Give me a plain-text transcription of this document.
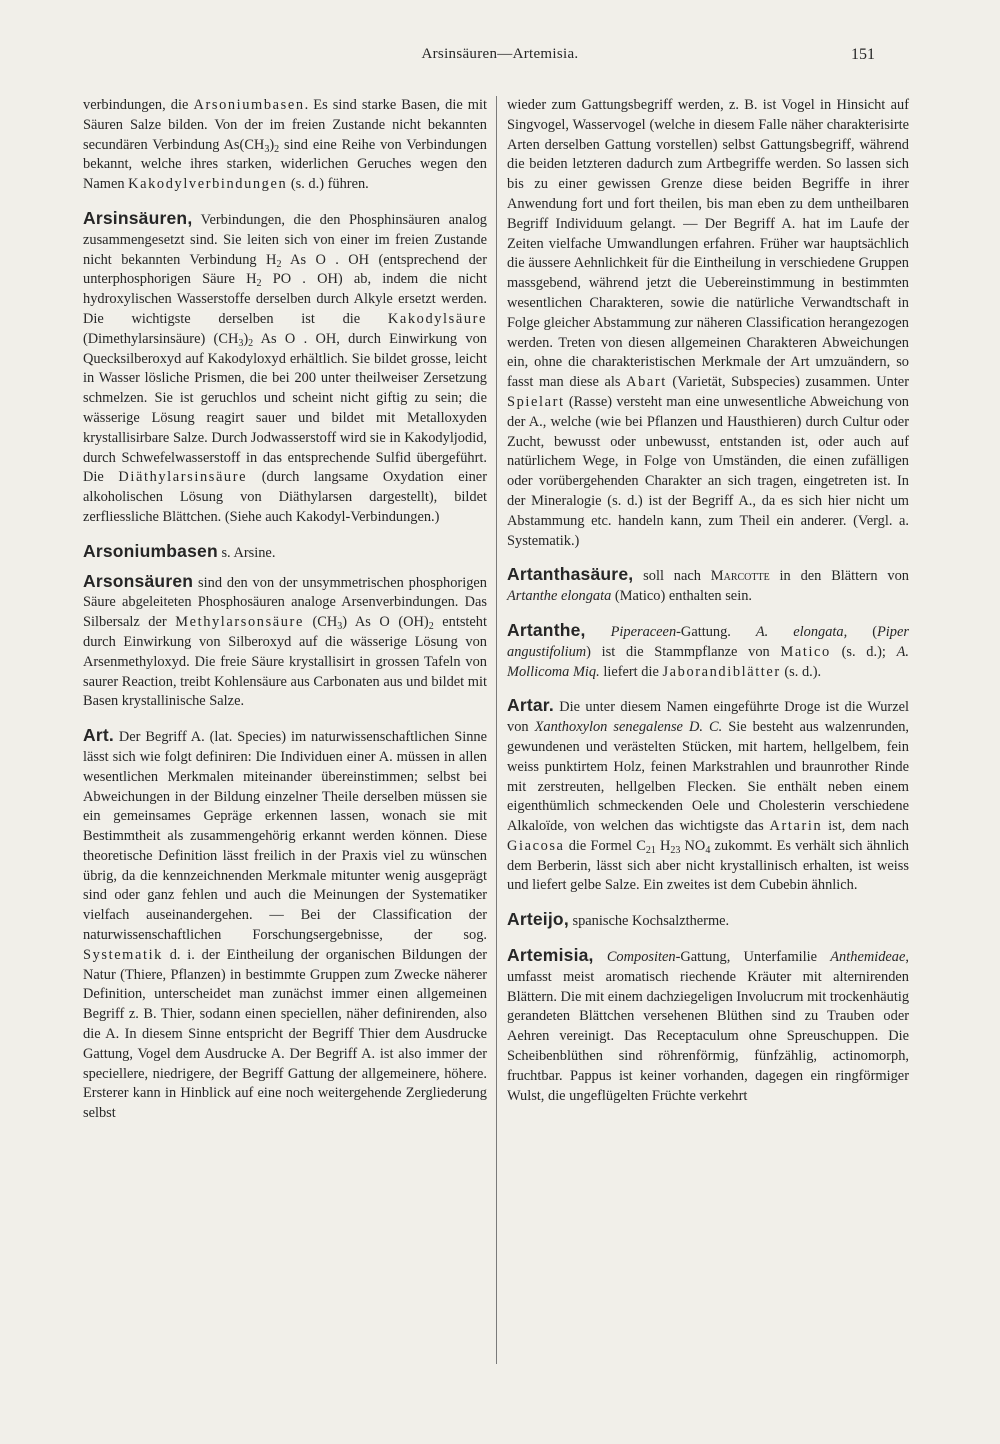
Arsinsäuren—Artemisia.	151

verbindungen, die Arsoniumbasen. Es sind starke Basen, die mit Säuren Salze bilden. Von der im freien Zustande nicht bekannten secundären Verbindung $As(CH_3)_2$ sind eine Reihe von Verbindungen bekannt, welche ihres starken, widerlichen Geruches wegen den Namen Kakodylverbindungen (s. d.) führen.

Arsinsäuren, Verbindungen, die den Phosphinsäuren analog zusammengesetzt sind. Sie leiten sich von einer im freien Zustande nicht bekannten Verbindung $H_2$ As O . OH (entsprechend der unterphosphorigen Säure $H_2$ PO . OH) ab, indem die nicht hydroxylischen Wasserstoffe derselben durch Alkyle ersetzt werden. Die wichtigste derselben ist die Kakodylsäure (Dimethylarsinsäure) $(CH_3)_2$ As O . OH, durch Einwirkung von Quecksilberoxyd auf Kakodyloxyd erhältlich. Sie bildet grosse, leicht in Wasser lösliche Prismen, die bei 200 unter theilweiser Zersetzung schmelzen. Sie ist geruchlos und scheint nicht giftig zu sein; die wässerige Lösung reagirt sauer und bildet mit Metalloxyden krystallisirbare Salze. Durch Jodwasserstoff wird sie in Kakodyljodid, durch Schwefelwasserstoff in das entsprechende Sulfid übergeführt. Die Diäthylarsinsäure (durch langsame Oxydation einer alkoholischen Lösung von Diäthylarsen dargestellt), bildet zerfliessliche Blättchen. (Siehe auch Kakodyl-Verbindungen.)

Arsoniumbasen s. Arsine.

Arsonsäuren sind den von der unsymmetrischen phosphorigen Säure abgeleiteten Phosphosäuren analoge Arsenverbindungen. Das Silbersalz der Methylarsonsäure $(CH_3)$ As O $(OH)_2$ entsteht durch Einwirkung von Silberoxyd auf die wässerige Lösung von Arsenmethyloxyd. Die freie Säure krystallisirt in grossen Tafeln von saurer Reaction, treibt Kohlensäure aus Carbonaten aus und bildet mit Basen krystallinische Salze.

Art. Der Begriff A. (lat. Species) im naturwissenschaftlichen Sinne lässt sich wie folgt definiren: Die Individuen einer A. müssen in allen wesentlichen Merkmalen miteinander übereinstimmen; selbst bei Abweichungen in der Bildung einzelner Theile derselben müssen sie ein gemeinsames Gepräge erkennen lassen, wonach sie mit Bestimmtheit als zusammengehörig erkannt werden können. Diese theoretische Definition lässt freilich in der Praxis viel zu wünschen übrig, da die kennzeichnenden Merkmale mitunter wenig ausgeprägt sind oder ganz fehlen und auch die Meinungen der Systematiker vielfach auseinandergehen. — Bei der Classification der naturwissenschaftlichen Forschungsergebnisse, der sog. Systematik d. i. der Eintheilung der organischen Bildungen der Natur (Thiere, Pflanzen) in bestimmte Gruppen zum Zwecke näherer Definition, unterscheidet man zunächst immer einen allgemeinen Begriff z. B. Thier, sodann einen speciellen, näher definirenden, also die A. In diesem Sinne entspricht der Begriff Thier dem Ausdrucke Gattung, Vogel dem Ausdrucke A. Der Begriff A. ist also immer der speciellere, niedrigere, der Begriff Gattung der allgemeinere, höhere. Ersterer kann in Hinblick auf eine noch weitergehende Zergliederung selbst

wieder zum Gattungsbegriff werden, z. B. ist Vogel in Hinsicht auf Singvogel, Wasservogel (welche in diesem Falle näher charakterisirte Arten derselben Gattung vorstellen) selbst Gattungsbegriff, während die beiden letzteren dadurch zum Artbegriffe werden. So lassen sich bis zu einer gewissen Grenze diese beiden Begriffe in ihrer Anwendung fort und fort theilen, bis man eben zu dem untheilbaren Begriff Individuum gelangt. — Der Begriff A. hat im Laufe der Zeiten vielfache Umwandlungen erfahren. Früher war hauptsächlich die äussere Aehnlichkeit für die Eintheilung in verschiedene Gruppen massgebend, während jetzt die Uebereinstimmung in bestimmten wesentlichen Charakteren, sowie die natürliche Verwandtschaft in Folge gleicher Abstammung zur näheren Classification herangezogen werden. Treten von diesen allgemeinen Charakteren Abweichungen ein, ohne die charakteristischen Merkmale der Art umzuändern, so fasst man diese als Abart (Varietät, Subspecies) zusammen. Unter Spielart (Rasse) versteht man eine unwesentliche Abweichung von der A., welche (wie bei Pflanzen und Hausthieren) durch Cultur oder Zucht, bewusst oder unbewusst, entstanden ist, oder auch auf natürlichem Wege, in Folge von Umständen, die einen zufälligen oder vorübergehenden Charakter an sich tragen, eingetreten ist. In der Mineralogie (s. d.) ist der Begriff A., da es sich hier nicht um Abstammung etc. handeln kann, zum Theil ein anderer. (Vergl. a. Systematik.)

Artanthasäure, soll nach Marcotte in den Blättern von Artanthe elongata (Matico) enthalten sein.

Artanthe, Piperaceen-Gattung. A. elongata, (Piper angustifolium) ist die Stammpflanze von Matico (s. d.); A. Mollicoma Miq. liefert die Jaborandiblätter (s. d.).

Artar. Die unter diesem Namen eingeführte Droge ist die Wurzel von Xanthoxylon senegalense D. C. Sie besteht aus walzenrunden, gewundenen und verästelten Stücken, mit hartem, hellgelbem, fein weiss punktirtem Holz, feinen Markstrahlen und braunrother Rinde mit zerstreuten, hellgelben Flecken. Sie enthält neben einem eigenthümlich schmeckenden Oele und Cholesterin verschiedene Alkaloïde, von welchen das wichtigste das Artarin ist, dem nach Giacosa die Formel $C_{21}$ $H_{23}$ $NO_4$ zukommt. Es verhält sich ähnlich dem Berberin, lässt sich aber nicht krystallinisch erhalten, ist weiss und liefert gelbe Salze. Ein zweites ist dem Cubebin ähnlich.

Arteijo, spanische Kochsalztherme.

Artemisia, Compositen-Gattung, Unterfamilie Anthemideae, umfasst meist aromatisch riechende Kräuter mit alternirenden Blättern. Die mit einem dachziegeligen Involucrum mit trockenhäutig gerandeten Blättchen versehenen Blüthen sind zu Trauben oder Aehren vereinigt. Das Receptaculum ohne Spreuschuppen. Die Scheibenblüthen sind röhrenförmig, fünfzählig, actinomorph, fruchtbar. Pappus ist keiner vorhanden, dagegen ein ringförmiger Wulst, die ungeflügelten Früchte verkehrt
